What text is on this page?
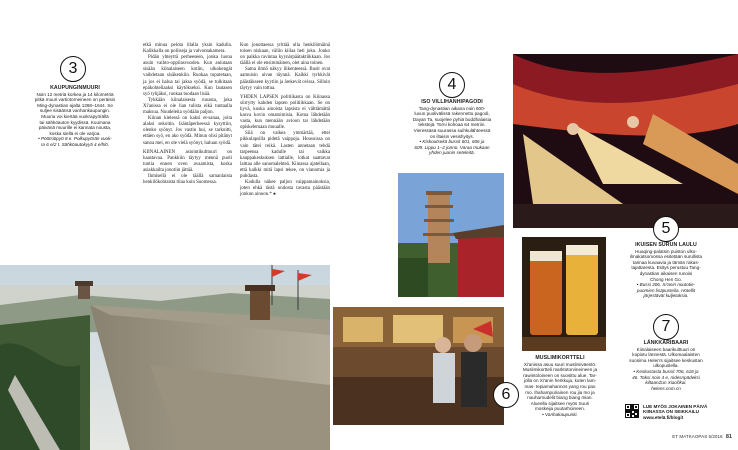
3
4
5
6
7
KAUPUNGINMUURI

Noin 12 metriä korkea ja 14 kilometriä

pitkä muuri vartiotorneineen on peräisin

Ming-dynastian ajalta 1368–1644. Se

suljee sisäänsä vanhankaupungin.

Muuria voi kiertää vuokrapyörällä

tai sähköauton kyydissä. Kuumana

päivänä muurille ei kannata nousta,

koska siellä ei ole varjoa.

• Pöötsiöpyö 8 e. Polkupyörän vuok-

ra 6 e/2 t. Sähköautokyyti 4 e/hlö.

etkä minua pelota illalla yksin kadulla. Kalikkalla on poliiseja ja valvontakamera.

Pidän yhteyttä perheeseen, jonka luona asuin vaihto-oppilasvuoden. Kun aniutaan sisään kiinalaiseen kotiin, ulkokengät vaihdetaan sisäkenkiin. Ruokaa tuputetaan, ja jos ei halua tai jaksa syödä, se tulkitaan epäkohteliaaksi käytökseksi. Kun lautasen syö tyhjäksi, ruokaa tuodaan lisää.

Tykkään kiinalaisesta ruoasta, joka Xi'anissa ei ole lian tulista eikä tuntaalla maksua. Nuudeleita syödään paljon.

Kiinan kielessä on kaksi et-sanaa, joita alaksi sekoitin. Isäntäperheessä kysyttiin, olenko syönyt. Jos vastin hui, se tarkoitti, ettäen syö, en ako syödä. Minun olisi pitänyt sanoa mei, en ole vielä syönyt, haluan syödä.

KIINALAINEN asiointikulttuuri on haastavaa. Pankkiin täytyy mennä puoli tuntia ennen oven avaamista, koska asiakkailta jonotiin jättää.

Ihmisellä ei ole täällä samanlaista henkilökohtaista tilaa kuin Suomessa.

Kun jonottaessa yrittää olla henkilömäinä toisen niskaan, väliin kiilaa heti joku. Jonko on paikka ravintaa kyynärpäätaktiikkaan. Jos täällä ei ole ensimmäinen, olet aina toinen.

Sama ilmiö näkyy liikenteessä. Busit ovat aamuisin aivan täynnä. Kaikki tyrkkivät päästäkseen kyytiin ja ärekevät ovissa. Silloin täytyy vain tottua.

YHDEN LAPSEN politiikasta on Kiinassa siirrytty kahden lapsen politiikkaan. Se on hyvä, koska ainoista lapsista ei välttämättä kasva kovin omatoimisia. Kotoa lähdetään vasta, kun mennään avioon tai lähdetään opiskelemaan muualle.

Siiä on vaikea ymmärtää, ettei pikkulapsilla pidetä vaippoja. Housuissa on vain tätei reikä. Lasten annetaan tehdä tarpeensa kadulle tai vaikka kauppakeskuksen lattialle, lotkat saattavat laittaa alle sanomalehteä. Kiinassa ajatellaan, että kalkki mitä lapsi tekee, on vianomia ja puhdasta.

Kadulla näkee paljon vaippamainoksia, joten ehkä tästä ondosta tavasta päästään jonkun ainoon.* ●

ISO VILLIHANHIPAGODI

Tang-dynastian aikana noin 600-

luvun puolivälissä rakennettu pagodi,

Dayan Ta, suojelee pyhiä buddhalaisia

tekstejä. Torni kohoaa 64 metriin.

Vieressäsä suurassa suihkulähteessä

on iltaisin vesishyitys.

• Kiskoutsekä bussit 601, 606 ja

609. Lippu 1–2 jonno. Varaa mukaan

yhden juanin seteleitä.

IKUISEN SURUN LAULU

Huaqing-palatsin puiston ulko-

ilmakatsomossa esitetään surullista

tarinaa kuvaavia ja tämän rakas-

tajattaresta. Esitys perustuu Tang-

dynastian aikaisen runoisi

Chong Hen Go.

• Bussi 306. Xi'anin noutotie-

puomien lisäpusteila. Hotellit

järjestävät kuljetuksia.

MUSLIMIKORTTELI

Xi'anissa asuu suuri muslimiväestö.

Muslimikortteli marktotorvineineen ja

rawintoloineen on suosittu alue. Tar-

jolla on Xi'anin herkkuja, kuten lam-

mas- tepiamahannos yang rou pao

mo. Ihahampuriainen rou jia mo ja

nauharnudelit biang biang mian.

Alueella sijaitsee myös Suuri

moskeija puutarhoineen.

• Vanhakaupunki.

LÄNKKÄRIBAARI

Kiinalaiseen baarikulttuuri on

kopiotu lännestä. Ulkomaalaisten

suosima Helen's sijaitsee keskustan

ulkopuolella.

• Keskustasta bussit 706, 618 ja

46. Taksi noin 4 e, nidesnpädeksi

kiltaanZun Xiaoñkai.

helens.com.cn

LUE MYÖS JOKAINEN PÄIVÄ
KIINASSA ON SEIKKAILU
www.etelä.fi/blogit
ET MATKAOPAS 5/2016 81
